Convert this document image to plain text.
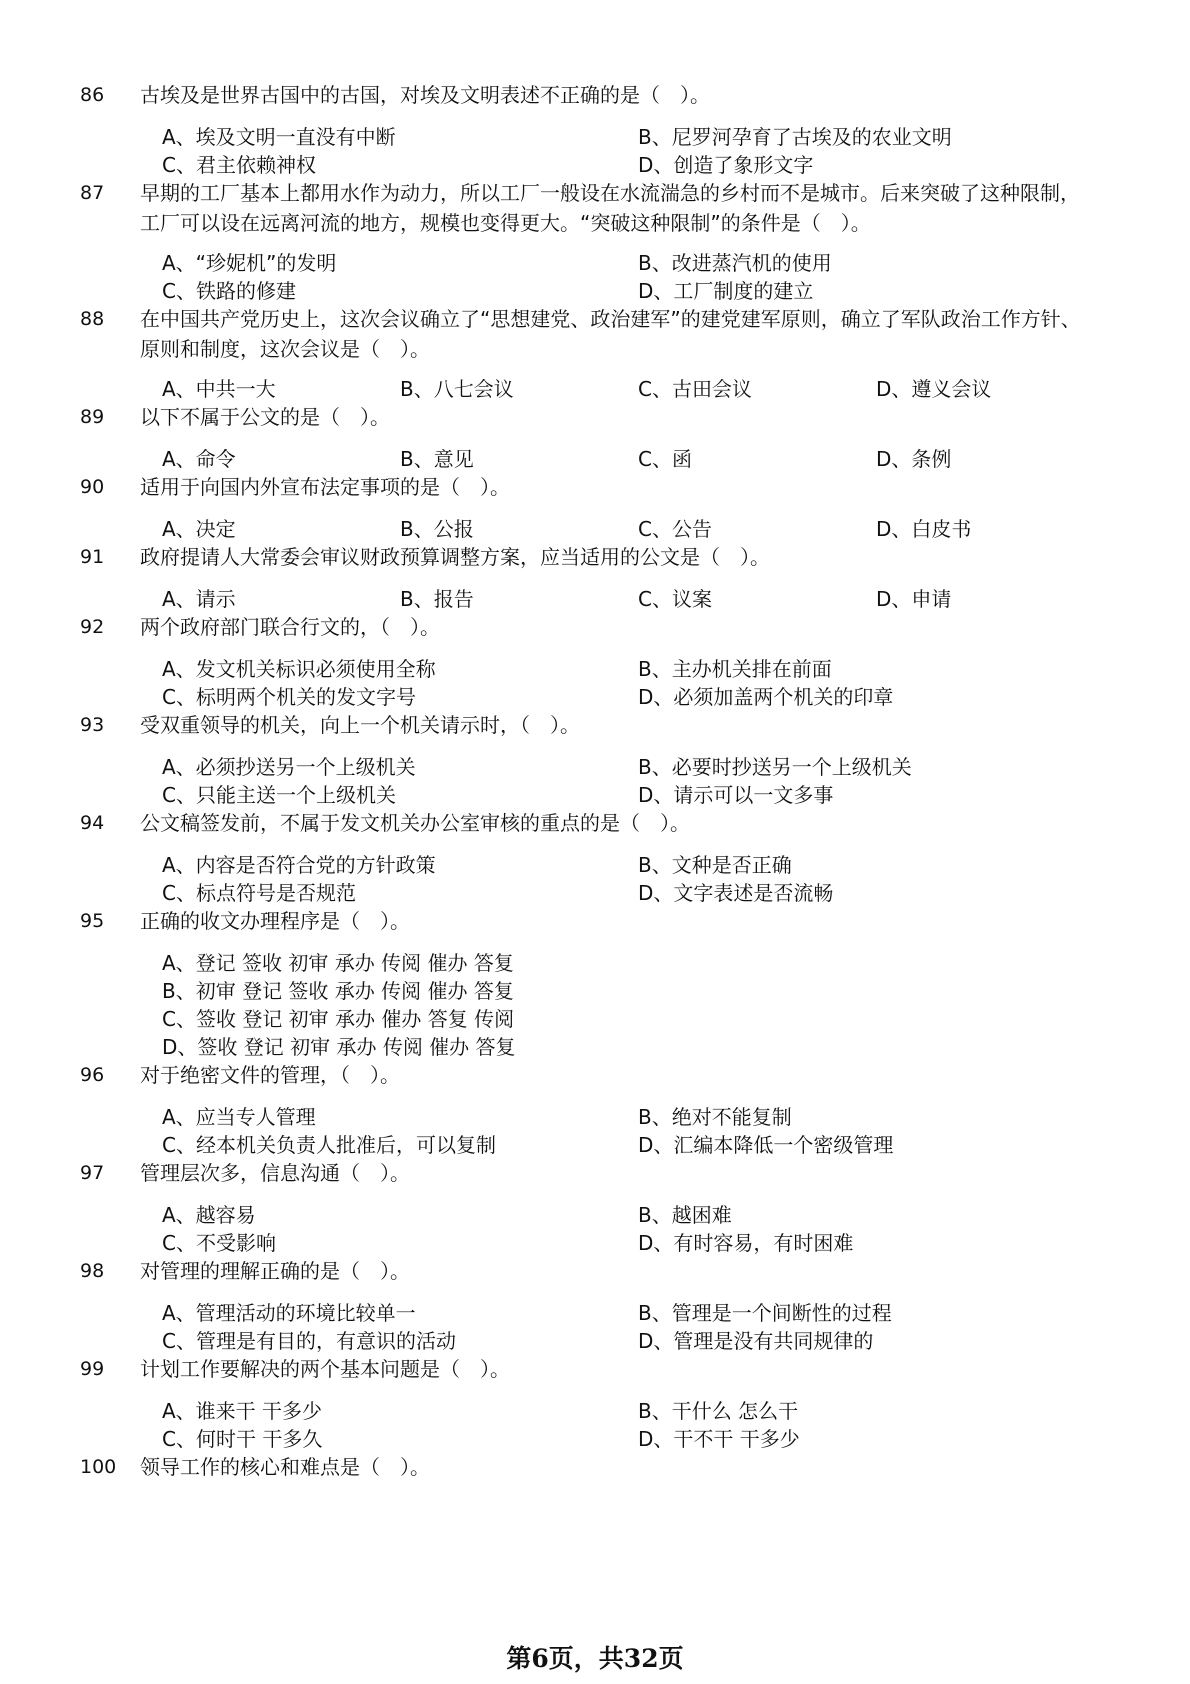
86	古埃及是世界古国中的古国，对埃及文明表述不正确的是（　）。
A、埃及文明一直没有中断	B、尼罗河孕育了古埃及的农业文明
C、君主依赖神权	D、创造了象形文字
87	早期的工厂基本上都用水作为动力，所以工厂一般设在水流湍急的乡村而不是城市。后来突破了这种限制，工厂可以设在远离河流的地方，规模也变得更大。“突破这种限制”的条件是（　）。
A、“珍妮机”的发明	B、改进蒸汽机的使用
C、铁路的修建	D、工厂制度的建立
88	在中国共产党历史上，这次会议确立了“思想建党、政治建军”的建党建军原则，确立了军队政治工作方针、原则和制度，这次会议是（　）。
A、中共一大	B、八七会议	C、古田会议	D、遵义会议
89	以下不属于公文的是（　）。
A、命令	B、意见	C、函	D、条例
90	适用于向国内外宣布法定事项的是（　）。
A、决定	B、公报	C、公告	D、白皮书
91	政府提请人大常委会审议财政预算调整方案，应当适用的公文是（　）。
A、请示	B、报告	C、议案	D、申请
92	两个政府部门联合行文的，（　）。
A、发文机关标识必须使用全称	B、主办机关排在前面
C、标明两个机关的发文字号	D、必须加盖两个机关的印章
93	受双重领导的机关，向上一个机关请示时，（　）。
A、必须抄送另一个上级机关	B、必要时抄送另一个上级机关
C、只能主送一个上级机关	D、请示可以一文多事
94	公文稿签发前，不属于发文机关办公室审核的重点的是（　）。
A、内容是否符合党的方针政策	B、文种是否正确
C、标点符号是否规范	D、文字表述是否流畅
95	正确的收文办理程序是（　）。
A、登记 签收 初审 承办 传阅 催办 答复
B、初审 登记 签收 承办 传阅 催办 答复
C、签收 登记 初审 承办 催办 答复 传阅
D、签收 登记 初审 承办 传阅 催办 答复
96	对于绝密文件的管理，（　）。
A、应当专人管理	B、绝对不能复制
C、经本机关负责人批准后，可以复制	D、汇编本降低一个密级管理
97	管理层次多，信息沟通（　）。
A、越容易	B、越困难
C、不受影响	D、有时容易，有时困难
98	对管理的理解正确的是（　）。
A、管理活动的环境比较单一	B、管理是一个间断性的过程
C、管理是有目的，有意识的活动	D、管理是没有共同规律的
99	计划工作要解决的两个基本问题是（　）。
A、谁来干 干多少	B、干什么 怎么干
C、何时干 干多久	D、干不干 干多少
100	领导工作的核心和难点是（　）。
第6页，共32页
